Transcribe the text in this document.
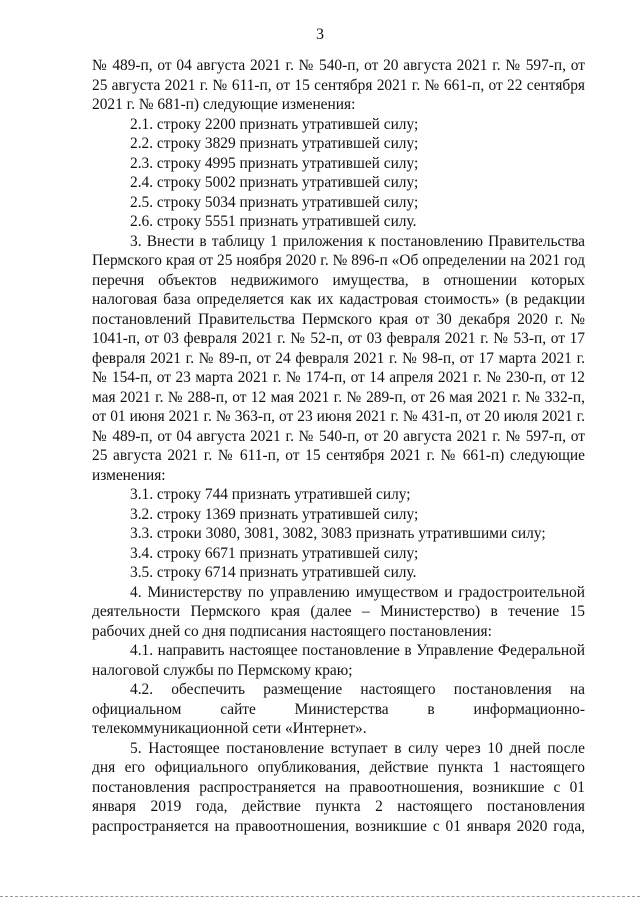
3

№ 489-п, от 04 августа 2021 г. № 540-п, от 20 августа 2021 г. № 597-п, от 25 августа 2021 г. № 611-п, от 15 сентября 2021 г. № 661-п, от 22 сентября 2021 г. № 681-п) следующие изменения:

2.1. строку 2200 признать утратившей силу;

2.2. строку 3829 признать утратившей силу;

2.3. строку 4995 признать утратившей силу;

2.4. строку 5002 признать утратившей силу;

2.5. строку 5034 признать утратившей силу;

2.6. строку 5551 признать утратившей силу.

3. Внести в таблицу 1 приложения к постановлению Правительства Пермского края от 25 ноября 2020 г. № 896-п «Об определении на 2021 год перечня объектов недвижимого имущества, в отношении которых налоговая база определяется как их кадастровая стоимость» (в редакции постановлений Правительства Пермского края от 30 декабря 2020 г. № 1041-п, от 03 февраля 2021 г. № 52-п, от 03 февраля 2021 г. № 53-п, от 17 февраля 2021 г. № 89-п, от 24 февраля 2021 г. № 98-п, от 17 марта 2021 г. № 154-п, от 23 марта 2021 г. № 174-п, от 14 апреля 2021 г. № 230-п, от 12 мая 2021 г. № 288-п, от 12 мая 2021 г. № 289-п, от 26 мая 2021 г. № 332-п, от 01 июня 2021 г. № 363-п, от 23 июня 2021 г. № 431-п, от 20 июля 2021 г. № 489-п, от 04 августа 2021 г. № 540-п, от 20 августа 2021 г. № 597-п, от 25 августа 2021 г. № 611-п, от 15 сентября 2021 г. № 661-п) следующие изменения:

3.1. строку 744 признать утратившей силу;

3.2. строку 1369 признать утратившей силу;

3.3. строки 3080, 3081, 3082, 3083 признать утратившими силу;

3.4. строку 6671 признать утратившей силу;

3.5. строку 6714 признать утратившей силу.

4. Министерству по управлению имуществом и градостроительной деятельности Пермского края (далее – Министерство) в течение 15 рабочих дней со дня подписания настоящего постановления:

4.1. направить настоящее постановление в Управление Федеральной налоговой службы по Пермскому краю;

4.2. обеспечить размещение настоящего постановления на официальном сайте Министерства в информационно-телекоммуникационной сети «Интернет».

5. Настоящее постановление вступает в силу через 10 дней после дня его официального опубликования, действие пункта 1 настоящего постановления распространяется на правоотношения, возникшие с 01 января 2019 года, действие пункта 2 настоящего постановления распространяется на правоотношения, возникшие с 01 января 2020 года,
